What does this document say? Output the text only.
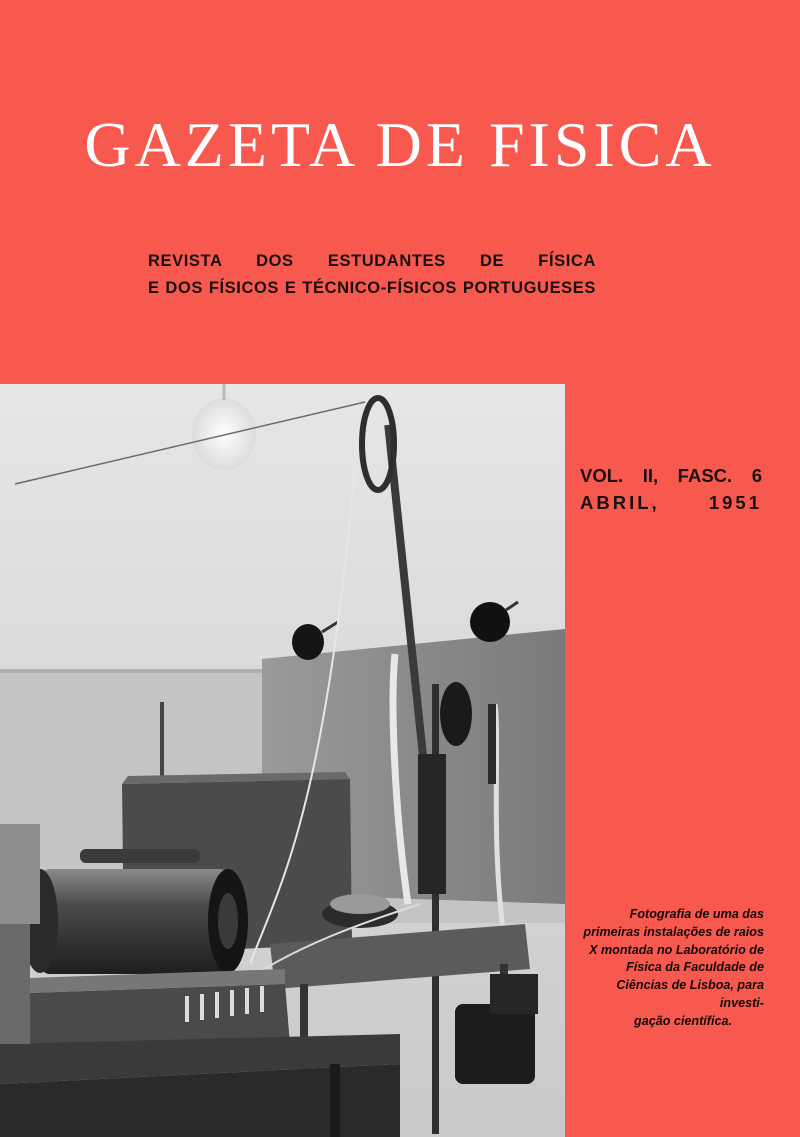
GAZETA DE FISICA
REVISTA DOS ESTUDANTES DE FÍSICA
E DOS FÍSICOS E TÉCNICO-FÍSICOS PORTUGUESES
VOL. II, FASC. 6
ABRIL, 1951
Fotografia de uma das primeiras instalações de raios X montada no Laboratório de Física da Faculdade de Ciências de Lisboa, para investi-
gação científica.
